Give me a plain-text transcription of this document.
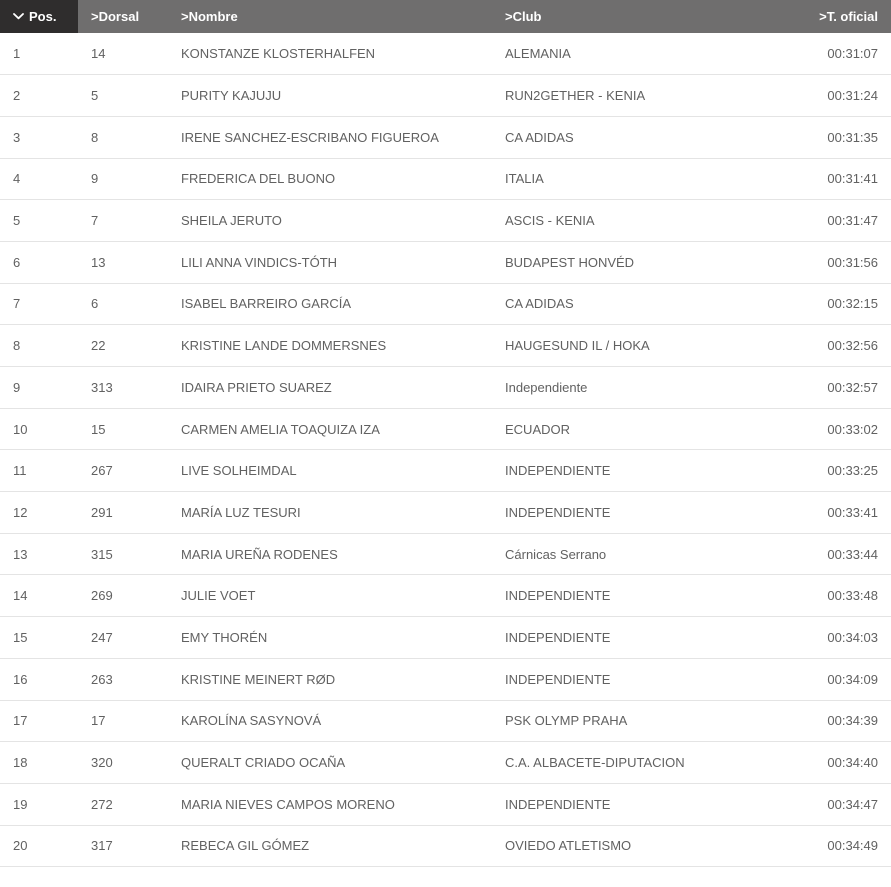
Pos.	>Dorsal	>Nombre	>Club	>T. oficial
1	14	KONSTANZE KLOSTERHALFEN	ALEMANIA	00:31:07
2	5	PURITY KAJUJU	RUN2GETHER - KENIA	00:31:24
3	8	IRENE SANCHEZ-ESCRIBANO FIGUEROA	CA ADIDAS	00:31:35
4	9	FREDERICA DEL BUONO	ITALIA	00:31:41
5	7	SHEILA JERUTO	ASCIS - KENIA	00:31:47
6	13	LILI ANNA VINDICS-TÓTH	BUDAPEST HONVÉD	00:31:56
7	6	ISABEL BARREIRO GARCÍA	CA ADIDAS	00:32:15
8	22	KRISTINE LANDE DOMMERSNES	HAUGESUND IL / HOKA	00:32:56
9	313	IDAIRA PRIETO SUAREZ	Independiente	00:32:57
10	15	CARMEN AMELIA TOAQUIZA IZA	ECUADOR	00:33:02
11	267	LIVE SOLHEIMDAL	INDEPENDIENTE	00:33:25
12	291	MARÍA LUZ TESURI	INDEPENDIENTE	00:33:41
13	315	MARIA UREÑA RODENES	Cárnicas Serrano	00:33:44
14	269	JULIE VOET	INDEPENDIENTE	00:33:48
15	247	EMY THORÉN	INDEPENDIENTE	00:34:03
16	263	KRISTINE MEINERT RØD	INDEPENDIENTE	00:34:09
17	17	KAROLÍNA SASYNOVÁ	PSK OLYMP PRAHA	00:34:39
18	320	QUERALT CRIADO OCAÑA	C.A. ALBACETE-DIPUTACION	00:34:40
19	272	MARIA NIEVES CAMPOS MORENO	INDEPENDIENTE	00:34:47
20	317	REBECA GIL GÓMEZ	OVIEDO ATLETISMO	00:34:49
